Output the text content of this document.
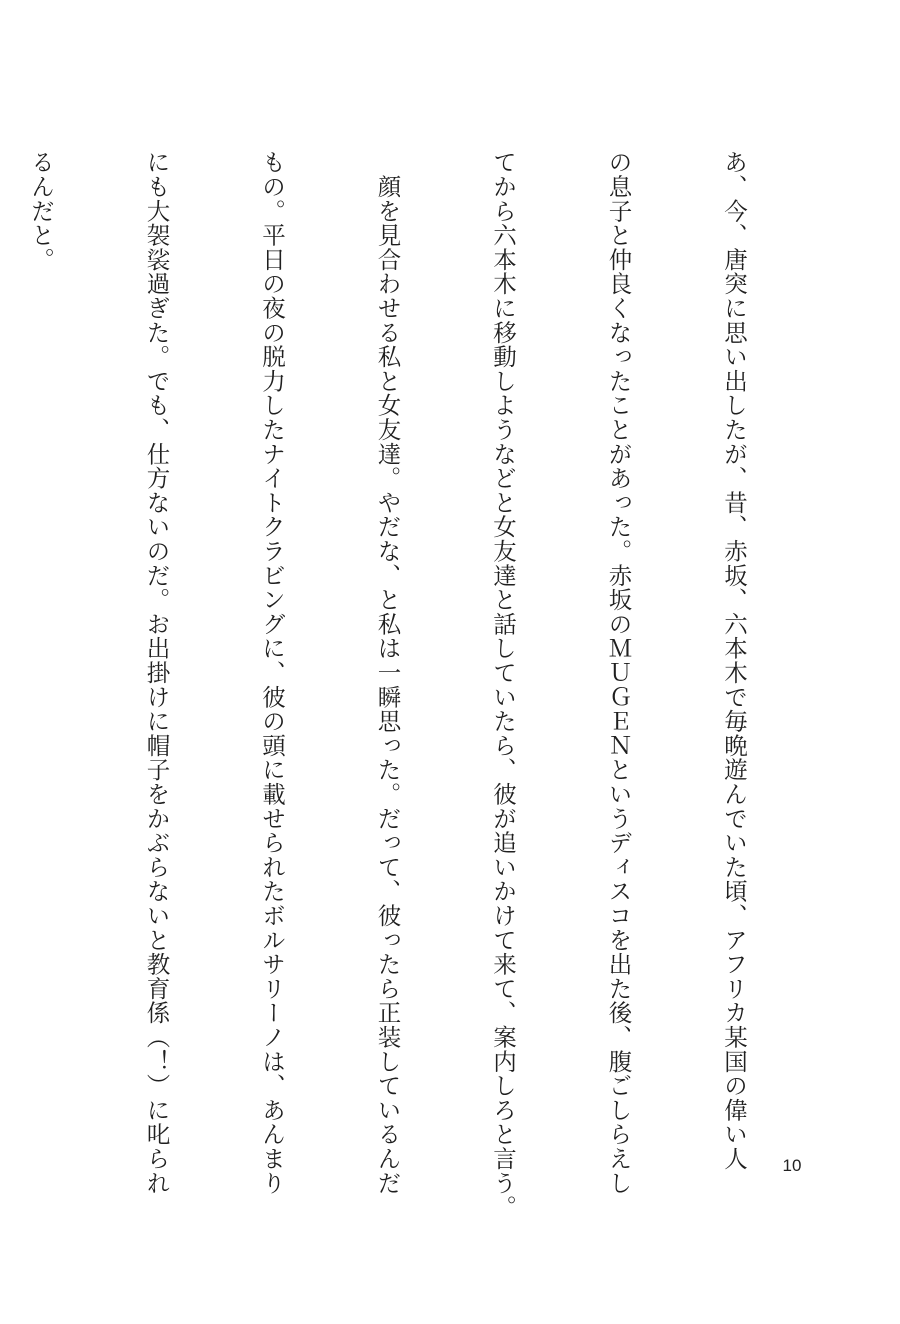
あ、今、唐突に思い出したが、昔、赤坂、六本木で毎晩遊んでいた頃、アフリカ某国の偉い人

の息子と仲良くなったことがあった。赤坂のＭＵＧＥＮというディスコを出た後、腹ごしらえし

てから六本木に移動しようなどと女友達と話していたら、彼が追いかけて来て、案内しろと言う。

　顔を見合わせる私と女友達。やだな、と私は一瞬思った。だって、彼ったら正装しているんだ

もの。平日の夜の脱力したナイトクラビングに、彼の頭に載せられたボルサリーノは、あんまり

にも大袈裟過ぎた。でも、仕方ないのだ。お出掛けに帽子をかぶらないと教育係（！）に叱られ

るんだと。

10
